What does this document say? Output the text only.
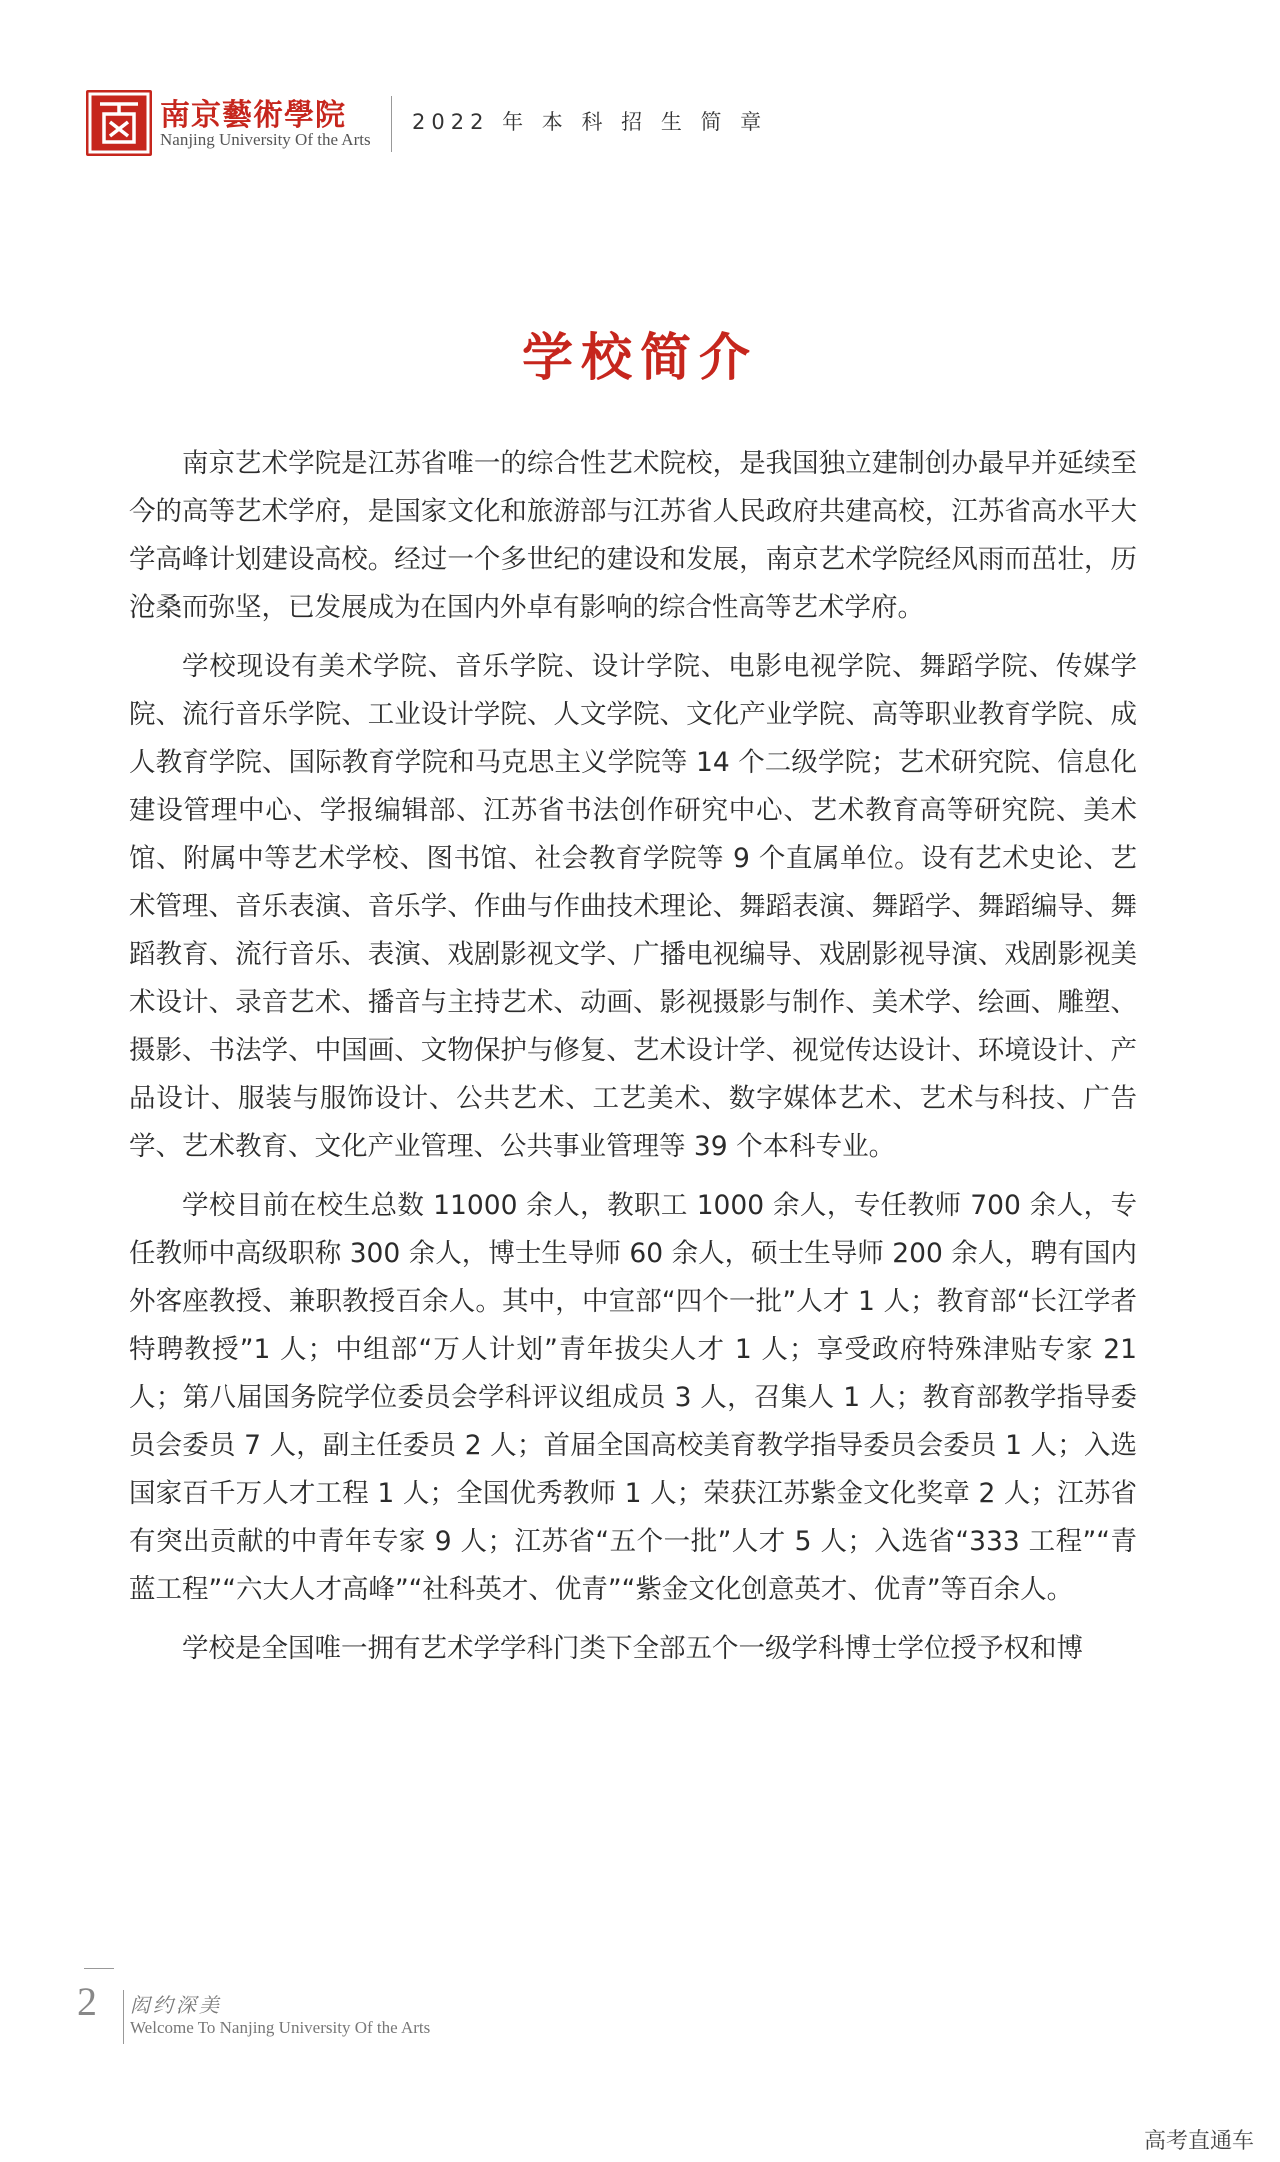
南京藝術學院
Nanjing University Of the Arts
2022 年 本 科 招 生 简 章
学校简介

南京艺术学院是江苏省唯一的综合性艺术院校，是我国独立建制创办最早并延续至今的高等艺术学府，是国家文化和旅游部与江苏省人民政府共建高校，江苏省高水平大学高峰计划建设高校。经过一个多世纪的建设和发展，南京艺术学院经风雨而茁壮，历沧桑而弥坚，已发展成为在国内外卓有影响的综合性高等艺术学府。

学校现设有美术学院、音乐学院、设计学院、电影电视学院、舞蹈学院、传媒学院、流行音乐学院、工业设计学院、人文学院、文化产业学院、高等职业教育学院、成人教育学院、国际教育学院和马克思主义学院等 14 个二级学院；艺术研究院、信息化建设管理中心、学报编辑部、江苏省书法创作研究中心、艺术教育高等研究院、美术馆、附属中等艺术学校、图书馆、社会教育学院等 9 个直属单位。设有艺术史论、艺术管理、音乐表演、音乐学、作曲与作曲技术理论、舞蹈表演、舞蹈学、舞蹈编导、舞蹈教育、流行音乐、表演、戏剧影视文学、广播电视编导、戏剧影视导演、戏剧影视美术设计、录音艺术、播音与主持艺术、动画、影视摄影与制作、美术学、绘画、雕塑、摄影、书法学、中国画、文物保护与修复、艺术设计学、视觉传达设计、环境设计、产品设计、服装与服饰设计、公共艺术、工艺美术、数字媒体艺术、艺术与科技、广告学、艺术教育、文化产业管理、公共事业管理等 39 个本科专业。

学校目前在校生总数 11000 余人，教职工 1000 余人，专任教师 700 余人，专任教师中高级职称 300 余人，博士生导师 60 余人，硕士生导师 200 余人，聘有国内外客座教授、兼职教授百余人。其中，中宣部“四个一批”人才 1 人；教育部“长江学者特聘教授”1 人；中组部“万人计划”青年拔尖人才 1 人；享受政府特殊津贴专家 21 人；第八届国务院学位委员会学科评议组成员 3 人，召集人 1 人；教育部教学指导委员会委员 7 人，副主任委员 2 人；首届全国高校美育教学指导委员会委员 1 人；入选国家百千万人才工程 1 人；全国优秀教师 1 人；荣获江苏紫金文化奖章 2 人；江苏省有突出贡献的中青年专家 9 人；江苏省“五个一批”人才 5 人；入选省“333 工程”“青蓝工程”“六大人才高峰”“社科英才、优青”“紫金文化创意英才、优青”等百余人。

学校是全国唯一拥有艺术学学科门类下全部五个一级学科博士学位授予权和博

2 闳约深美
Welcome To Nanjing University Of the Arts
高考直通车
